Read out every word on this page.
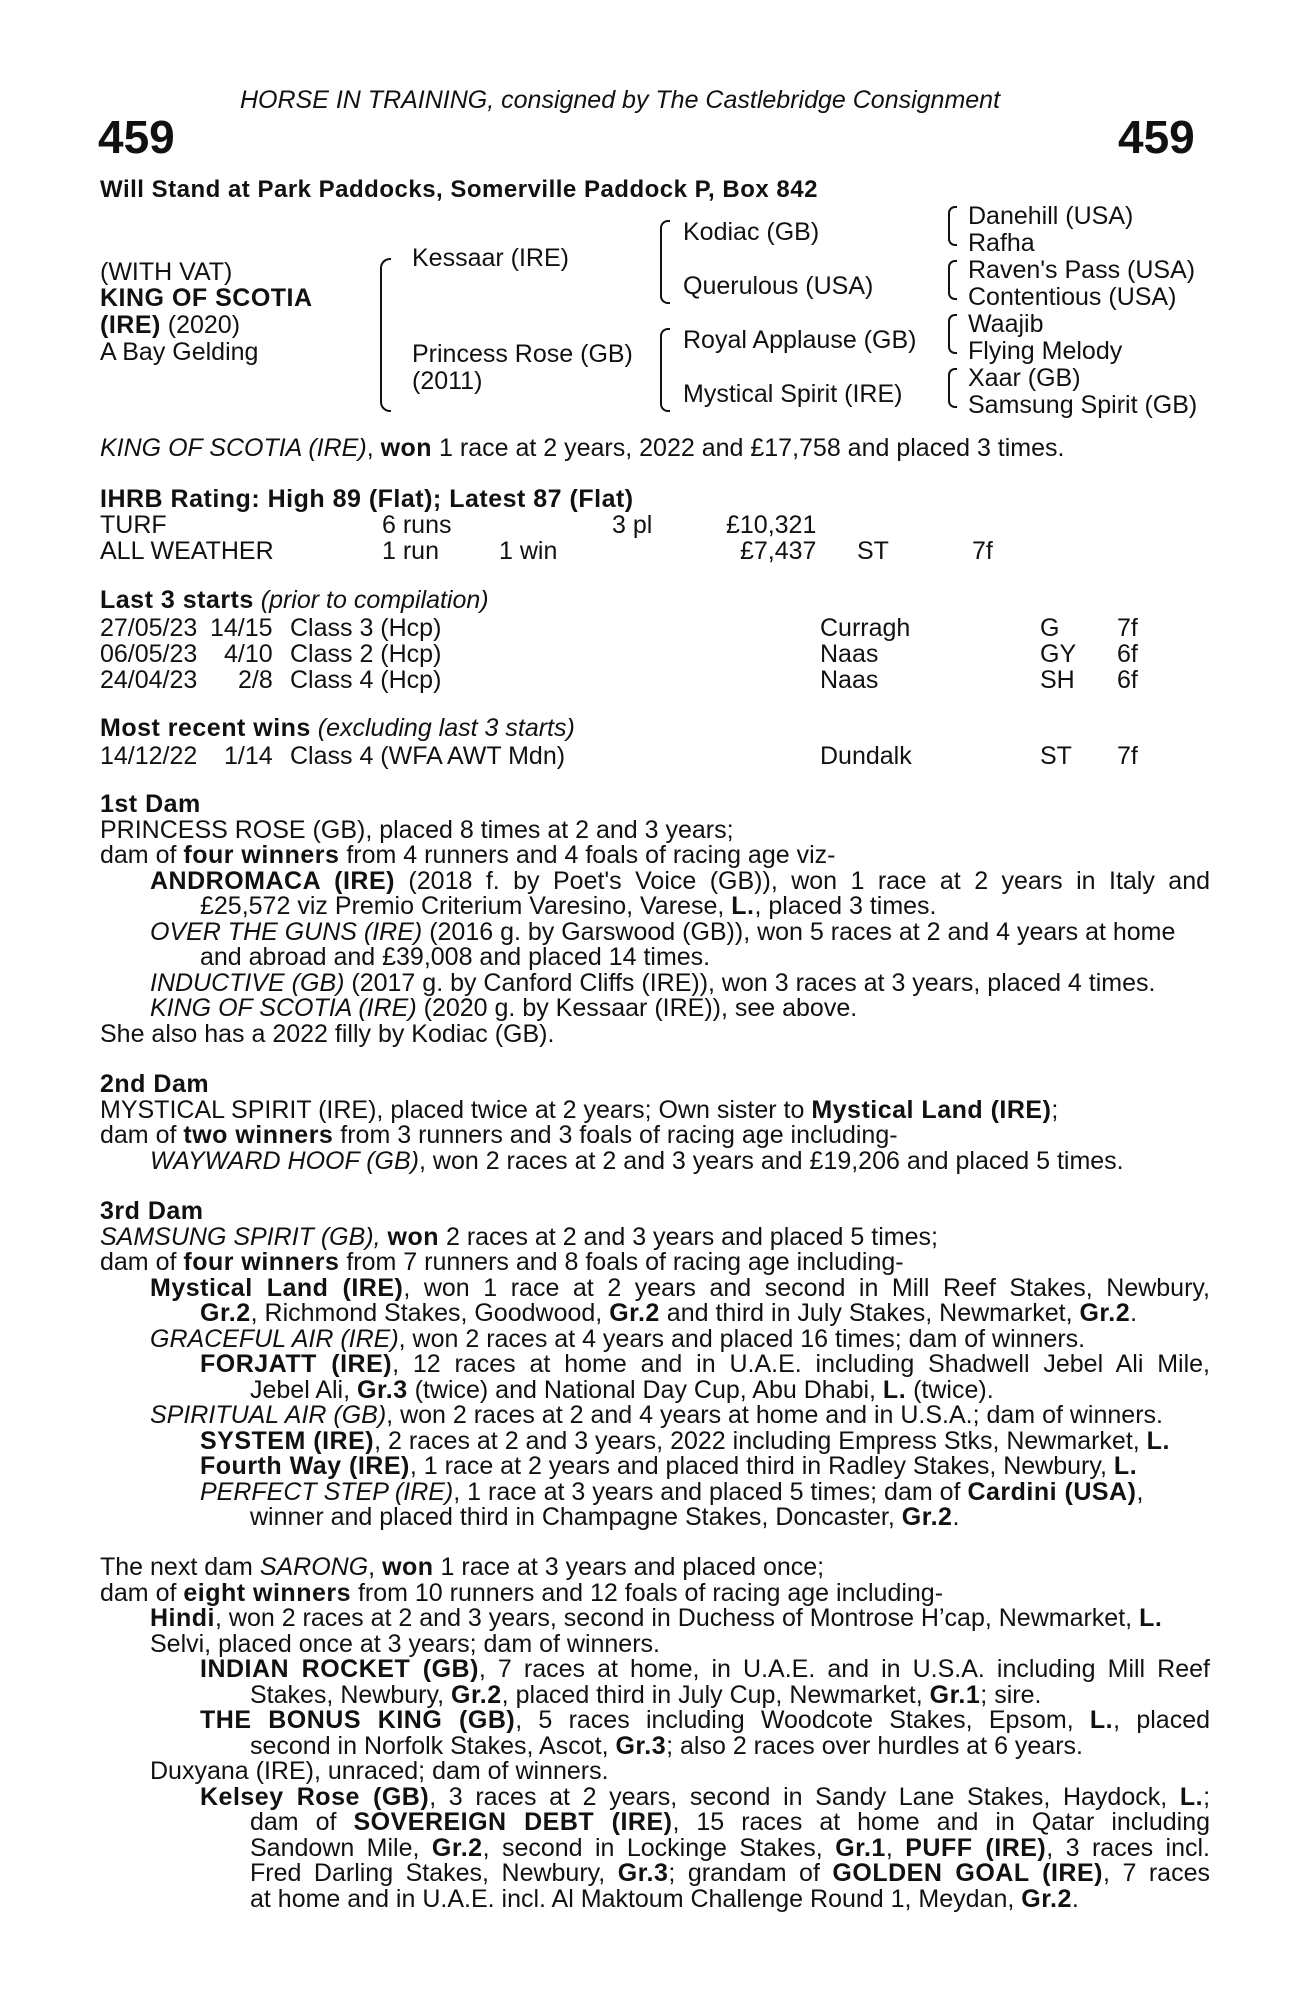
HORSE IN TRAINING, consigned by The Castlebridge Consignment
459	459
Will Stand at Park Paddocks, Somerville Paddock P, Box 842
(WITH VAT)
KING OF SCOTIA
(IRE) (2020)
A Bay Gelding
Kessaar (IRE)
Princess Rose (GB)
(2011)
Kodiac (GB)
Querulous (USA)
Royal Applause (GB)
Mystical Spirit (IRE)
Danehill (USA)
Rafha
Raven's Pass (USA)
Contentious (USA)
Waajib
Flying Melody
Xaar (GB)
Samsung Spirit (GB)
KING OF SCOTIA (IRE), won 1 race at 2 years, 2022 and £17,758 and placed 3 times.
IHRB Rating: High 89 (Flat); Latest 87 (Flat)
TURF	6 runs	3 pl	£10,321
ALL WEATHER	1 run 1 win	£7,437 ST	7f
Last 3 starts (prior to compilation)
27/05/23 14/15 Class 3 (Hcp)	Curragh	G 7f
06/05/23 4/10 Class 2 (Hcp)	Naas	GY 6f
24/04/23 2/8 Class 4 (Hcp)	Naas	SH 6f
Most recent wins (excluding last 3 starts)
14/12/22 1/14 Class 4 (WFA AWT Mdn)	Dundalk	ST 7f
1st Dam
PRINCESS ROSE (GB), placed 8 times at 2 and 3 years;
dam of four winners from 4 runners and 4 foals of racing age viz-
ANDROMACA (IRE) (2018 f. by Poet's Voice (GB)), won 1 race at 2 years in Italy and
£25,572 viz Premio Criterium Varesino, Varese, L., placed 3 times.
OVER THE GUNS (IRE) (2016 g. by Garswood (GB)), won 5 races at 2 and 4 years at home
and abroad and £39,008 and placed 14 times.
INDUCTIVE (GB) (2017 g. by Canford Cliffs (IRE)), won 3 races at 3 years, placed 4 times.
KING OF SCOTIA (IRE) (2020 g. by Kessaar (IRE)), see above.
She also has a 2022 filly by Kodiac (GB).
2nd Dam
MYSTICAL SPIRIT (IRE), placed twice at 2 years; Own sister to Mystical Land (IRE);
dam of two winners from 3 runners and 3 foals of racing age including-
WAYWARD HOOF (GB), won 2 races at 2 and 3 years and £19,206 and placed 5 times.
3rd Dam
SAMSUNG SPIRIT (GB), won 2 races at 2 and 3 years and placed 5 times;
dam of four winners from 7 runners and 8 foals of racing age including-
Mystical Land (IRE), won 1 race at 2 years and second in Mill Reef Stakes, Newbury,
Gr.2, Richmond Stakes, Goodwood, Gr.2 and third in July Stakes, Newmarket, Gr.2.
GRACEFUL AIR (IRE), won 2 races at 4 years and placed 16 times; dam of winners.
FORJATT (IRE), 12 races at home and in U.A.E. including Shadwell Jebel Ali Mile,
Jebel Ali, Gr.3 (twice) and National Day Cup, Abu Dhabi, L. (twice).
SPIRITUAL AIR (GB), won 2 races at 2 and 4 years at home and in U.S.A.; dam of winners.
SYSTEM (IRE), 2 races at 2 and 3 years, 2022 including Empress Stks, Newmarket, L.
Fourth Way (IRE), 1 race at 2 years and placed third in Radley Stakes, Newbury, L.
PERFECT STEP (IRE), 1 race at 3 years and placed 5 times; dam of Cardini (USA),
winner and placed third in Champagne Stakes, Doncaster, Gr.2.
The next dam SARONG, won 1 race at 3 years and placed once;
dam of eight winners from 10 runners and 12 foals of racing age including-
Hindi, won 2 races at 2 and 3 years, second in Duchess of Montrose H’cap, Newmarket, L.
Selvi, placed once at 3 years; dam of winners.
INDIAN ROCKET (GB), 7 races at home, in U.A.E. and in U.S.A. including Mill Reef
Stakes, Newbury, Gr.2, placed third in July Cup, Newmarket, Gr.1; sire.
THE BONUS KING (GB), 5 races including Woodcote Stakes, Epsom, L., placed
second in Norfolk Stakes, Ascot, Gr.3; also 2 races over hurdles at 6 years.
Duxyana (IRE), unraced; dam of winners.
Kelsey Rose (GB), 3 races at 2 years, second in Sandy Lane Stakes, Haydock, L.;
dam of SOVEREIGN DEBT (IRE), 15 races at home and in Qatar including
Sandown Mile, Gr.2, second in Lockinge Stakes, Gr.1, PUFF (IRE), 3 races incl.
Fred Darling Stakes, Newbury, Gr.3; grandam of GOLDEN GOAL (IRE), 7 races
at home and in U.A.E. incl. Al Maktoum Challenge Round 1, Meydan, Gr.2.
